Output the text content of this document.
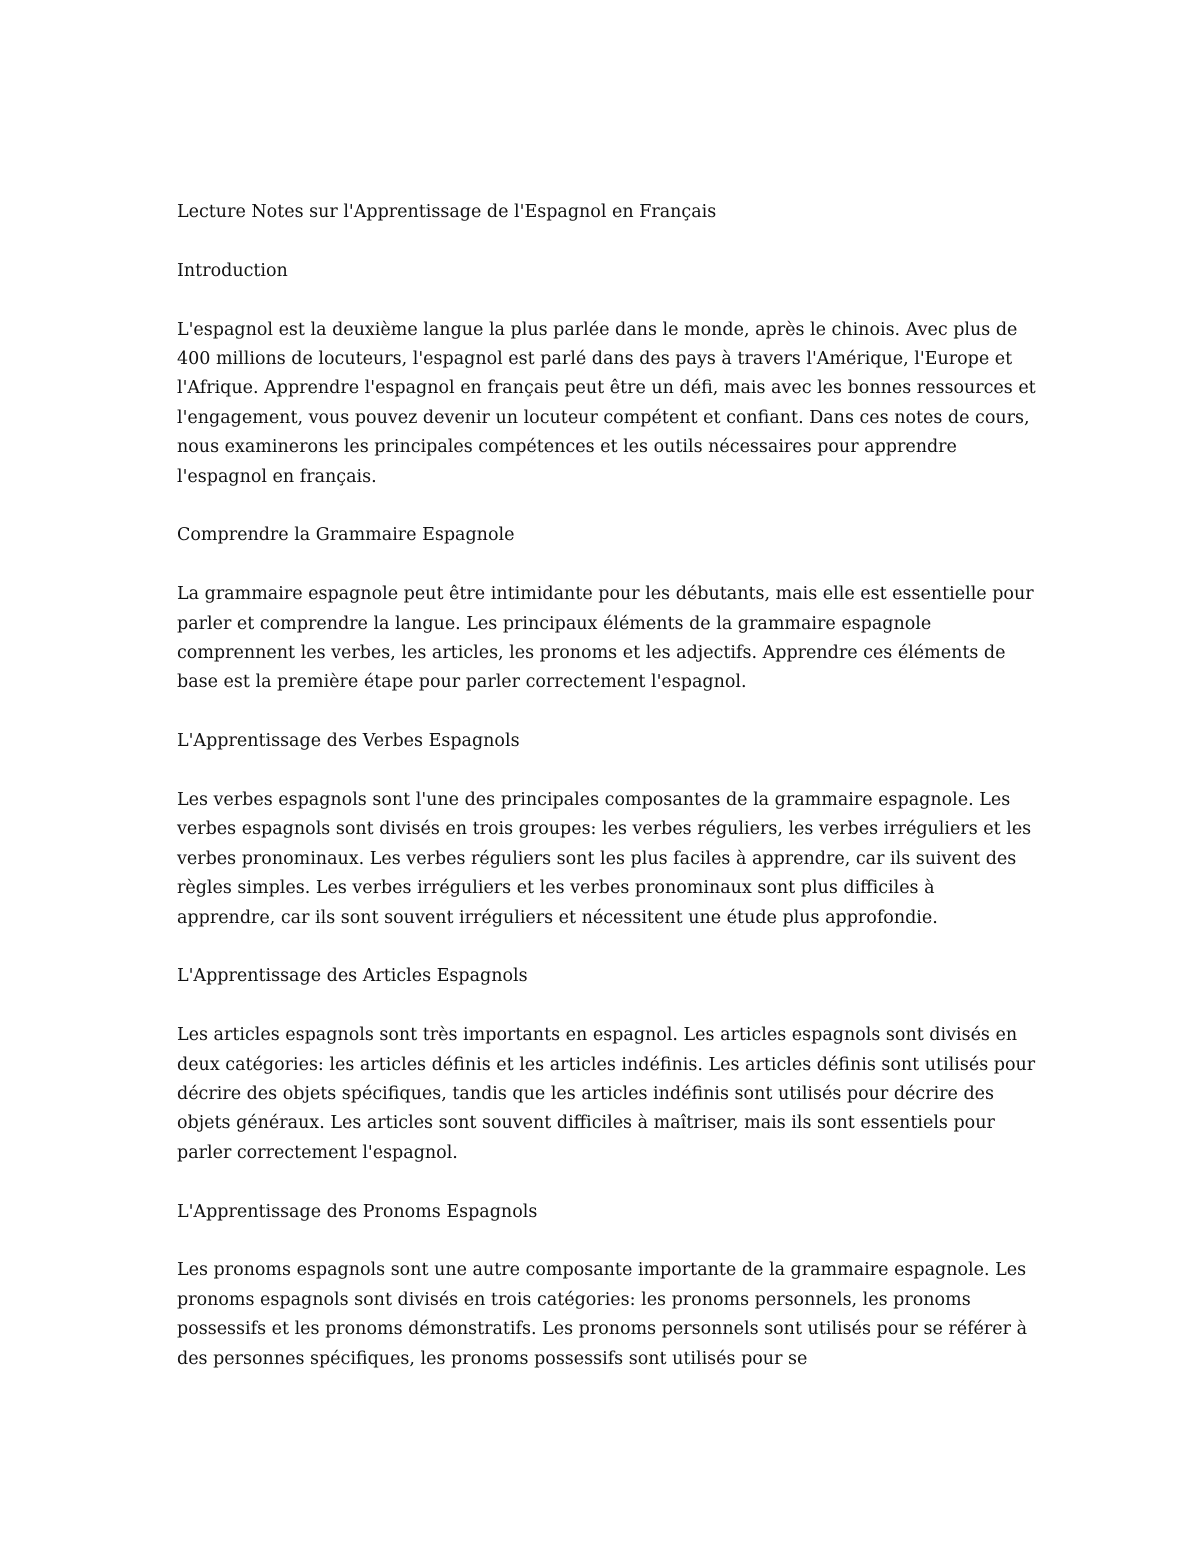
Lecture Notes sur l'Apprentissage de l'Espagnol en Français

Introduction

L'espagnol est la deuxième langue la plus parlée dans le monde, après le chinois. Avec plus de 400 millions de locuteurs, l'espagnol est parlé dans des pays à travers l'Amérique, l'Europe et l'Afrique. Apprendre l'espagnol en français peut être un défi, mais avec les bonnes ressources et l'engagement, vous pouvez devenir un locuteur compétent et confiant. Dans ces notes de cours, nous examinerons les principales compétences et les outils nécessaires pour apprendre l'espagnol en français.

Comprendre la Grammaire Espagnole

La grammaire espagnole peut être intimidante pour les débutants, mais elle est essentielle pour parler et comprendre la langue. Les principaux éléments de la grammaire espagnole comprennent les verbes, les articles, les pronoms et les adjectifs. Apprendre ces éléments de base est la première étape pour parler correctement l'espagnol.

L'Apprentissage des Verbes Espagnols

Les verbes espagnols sont l'une des principales composantes de la grammaire espagnole. Les verbes espagnols sont divisés en trois groupes: les verbes réguliers, les verbes irréguliers et les verbes pronominaux. Les verbes réguliers sont les plus faciles à apprendre, car ils suivent des règles simples. Les verbes irréguliers et les verbes pronominaux sont plus difficiles à apprendre, car ils sont souvent irréguliers et nécessitent une étude plus approfondie.

L'Apprentissage des Articles Espagnols

Les articles espagnols sont très importants en espagnol. Les articles espagnols sont divisés en deux catégories: les articles définis et les articles indéfinis. Les articles définis sont utilisés pour décrire des objets spécifiques, tandis que les articles indéfinis sont utilisés pour décrire des objets généraux. Les articles sont souvent difficiles à maîtriser, mais ils sont essentiels pour parler correctement l'espagnol.

L'Apprentissage des Pronoms Espagnols

Les pronoms espagnols sont une autre composante importante de la grammaire espagnole. Les pronoms espagnols sont divisés en trois catégories: les pronoms personnels, les pronoms possessifs et les pronoms démonstratifs. Les pronoms personnels sont utilisés pour se référer à des personnes spécifiques, les pronoms possessifs sont utilisés pour se
